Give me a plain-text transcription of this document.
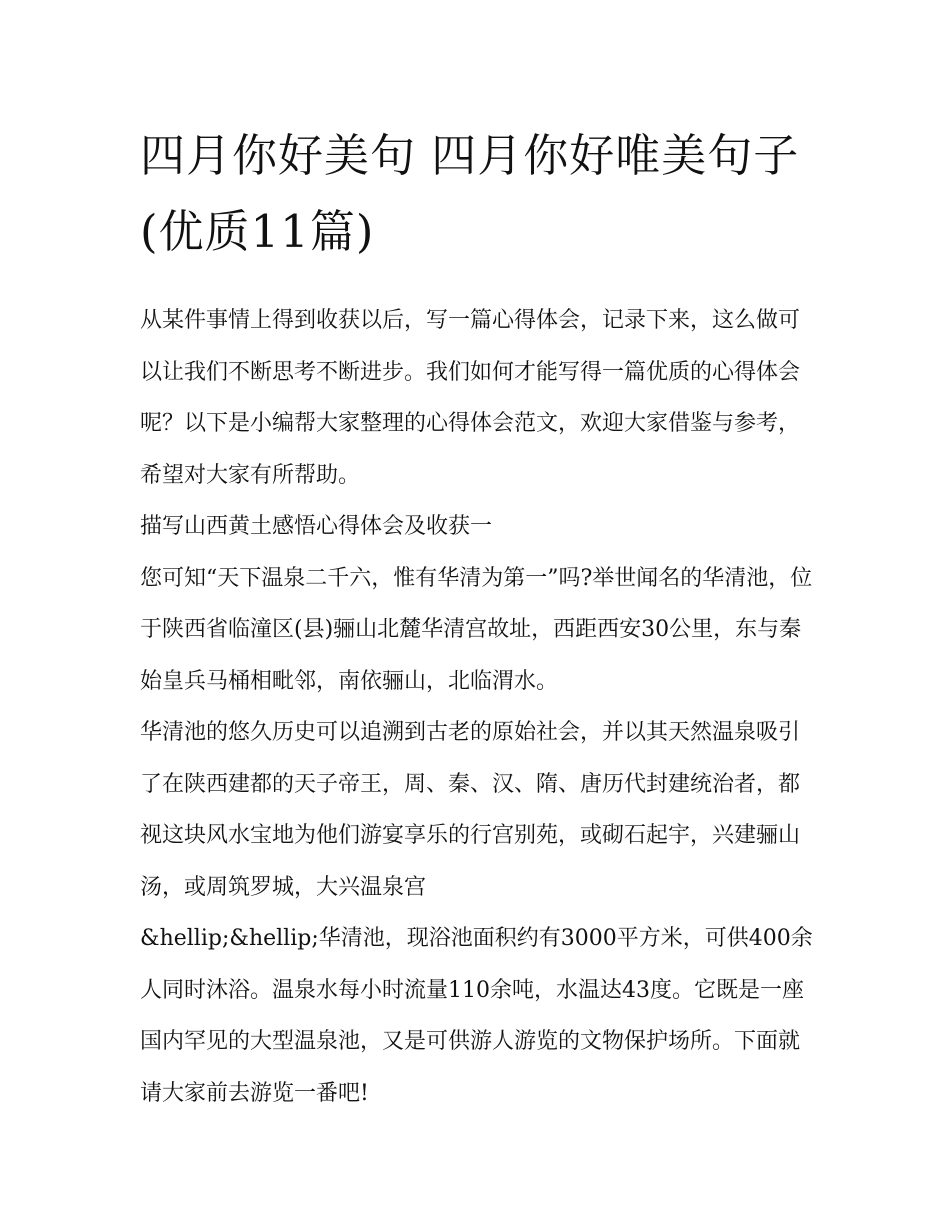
四月你好美句 四月你好唯美句子(优质11篇)

从某件事情上得到收获以后，写一篇心得体会，记录下来，这么做可以让我们不断思考不断进步。我们如何才能写得一篇优质的心得体会呢？以下是小编帮大家整理的心得体会范文，欢迎大家借鉴与参考，希望对大家有所帮助。

描写山西黄土感悟心得体会及收获一

您可知“天下温泉二千六，惟有华清为第一”吗?举世闻名的华清池，位于陕西省临潼区(县)骊山北麓华清宫故址，西距西安30公里，东与秦始皇兵马桶相毗邻，南依骊山，北临渭水。

华清池的悠久历史可以追溯到古老的原始社会，并以其天然温泉吸引了在陕西建都的天子帝王，周、秦、汉、隋、唐历代封建统治者，都视这块风水宝地为他们游宴享乐的行宫别苑，或砌石起宇，兴建骊山汤，或周筑罗城，大兴温泉宫

&hellip;&hellip;华清池，现浴池面积约有3000平方米，可供400余人同时沐浴。温泉水每小时流量110余吨，水温达43度。它既是一座国内罕见的大型温泉池，又是可供游人游览的文物保护场所。下面就请大家前去游览一番吧!
